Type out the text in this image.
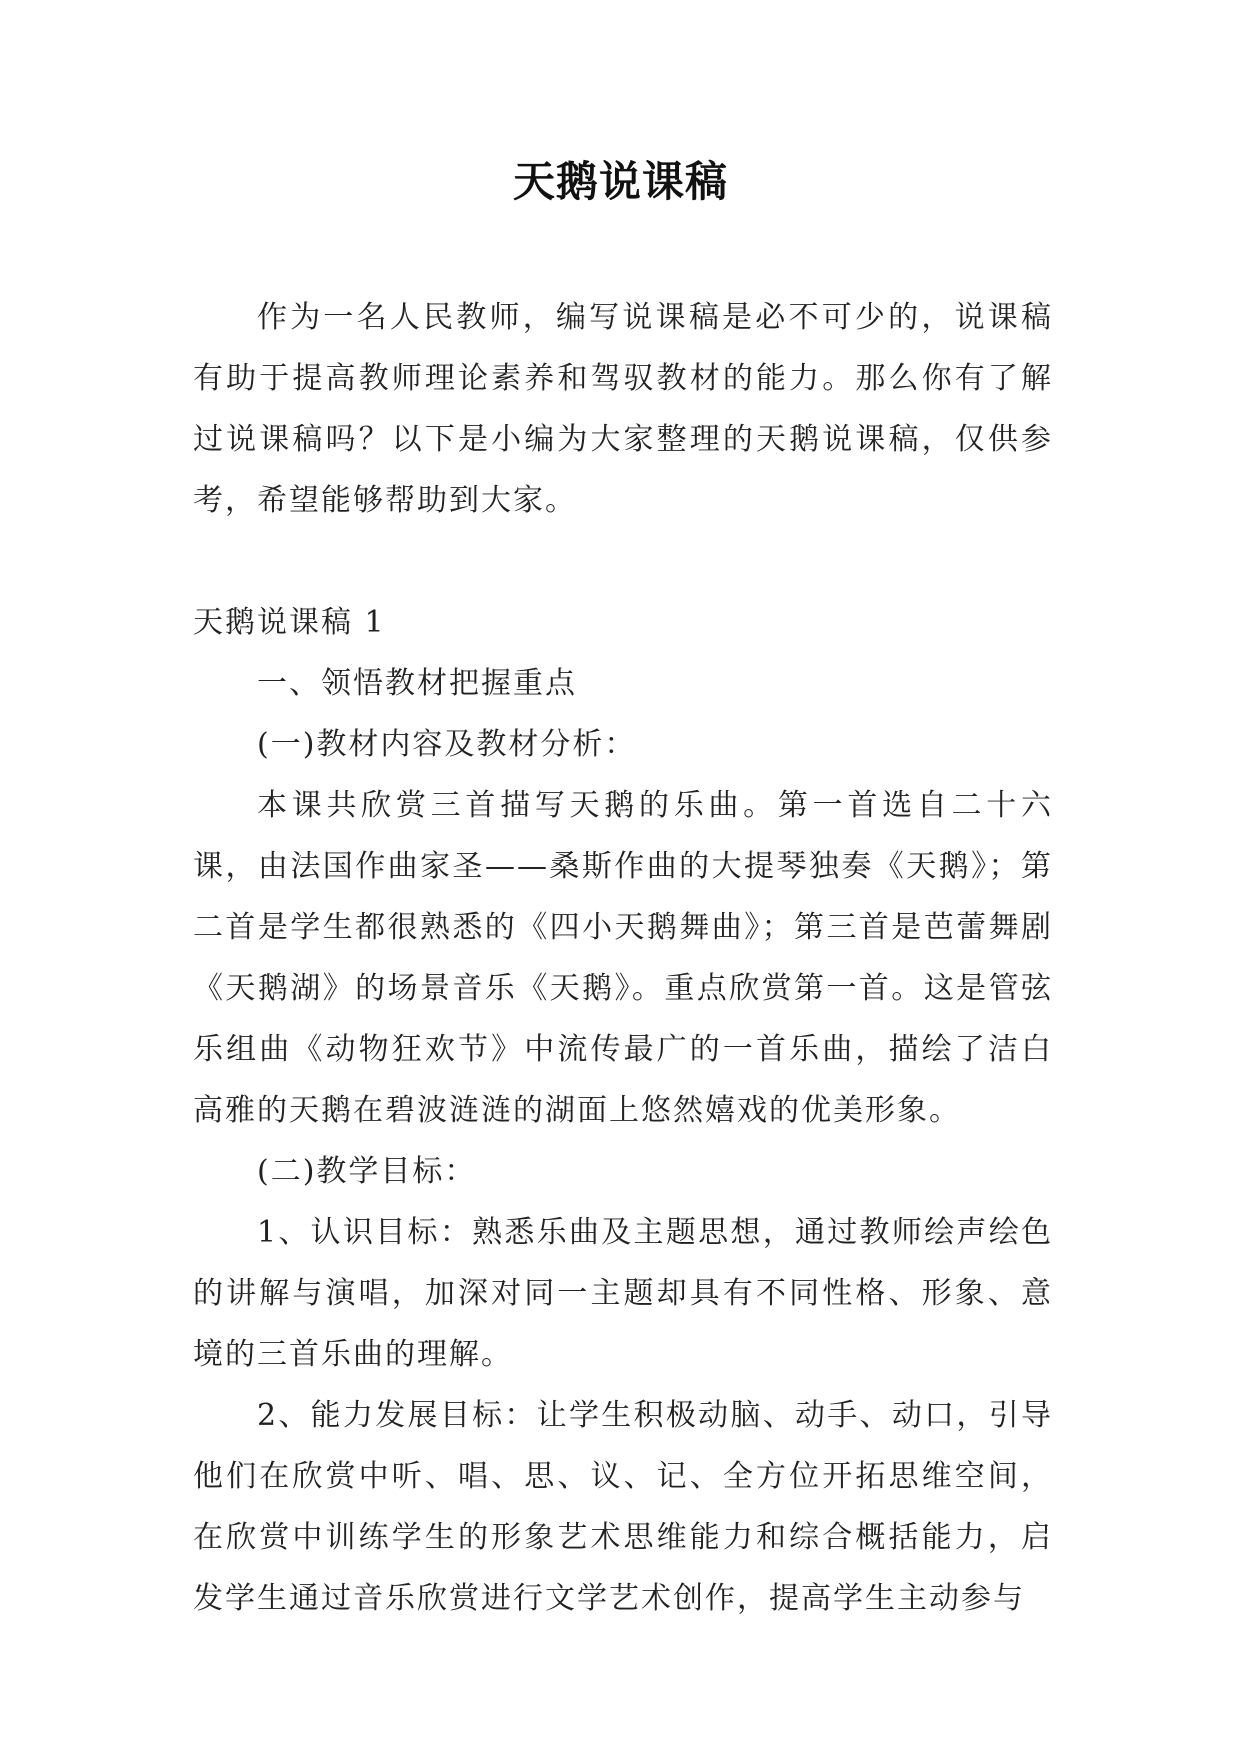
天鹅说课稿

作为一名人民教师，编写说课稿是必不可少的，说课稿有助于提高教师理论素养和驾驭教材的能力。那么你有了解过说课稿吗？以下是小编为大家整理的天鹅说课稿，仅供参考，希望能够帮助到大家。

天鹅说课稿 1

一、领悟教材把握重点

(一)教材内容及教材分析：

本课共欣赏三首描写天鹅的乐曲。第一首选自二十六课，由法国作曲家圣——桑斯作曲的大提琴独奏《天鹅》；第二首是学生都很熟悉的《四小天鹅舞曲》；第三首是芭蕾舞剧《天鹅湖》的场景音乐《天鹅》。重点欣赏第一首。这是管弦乐组曲《动物狂欢节》中流传最广的一首乐曲，描绘了洁白高雅的天鹅在碧波涟涟的湖面上悠然嬉戏的优美形象。

(二)教学目标：

1、认识目标：熟悉乐曲及主题思想，通过教师绘声绘色的讲解与演唱，加深对同一主题却具有不同性格、形象、意境的三首乐曲的理解。

2、能力发展目标：让学生积极动脑、动手、动口，引导他们在欣赏中听、唱、思、议、记、全方位开拓思维空间，在欣赏中训练学生的形象艺术思维能力和综合概括能力，启发学生通过音乐欣赏进行文学艺术创作，提高学生主动参与
